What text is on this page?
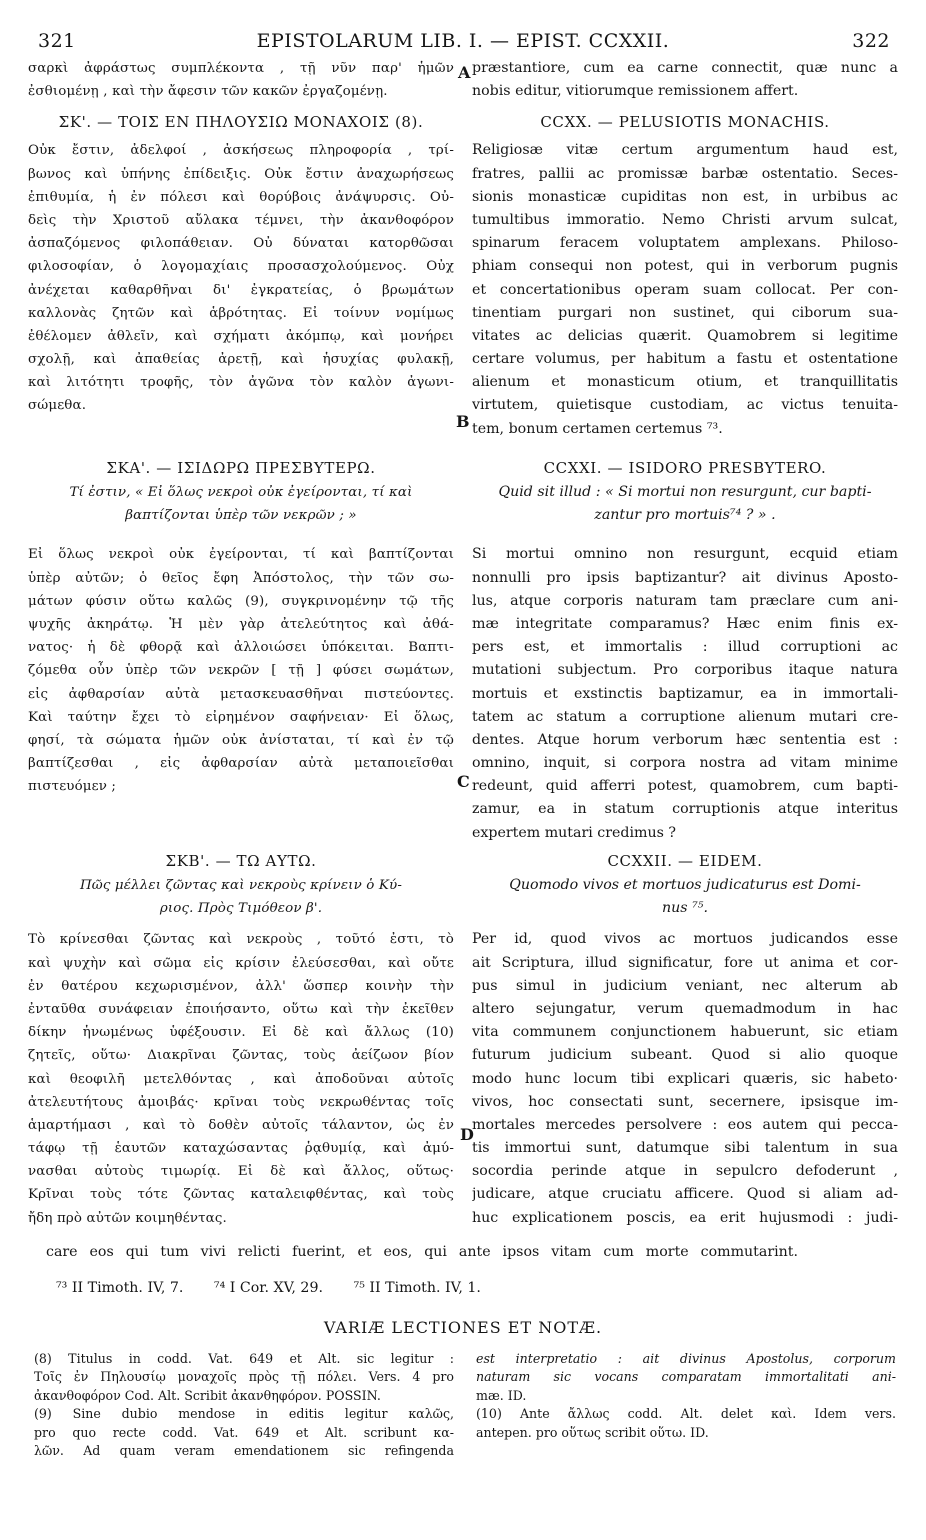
321	EPISTOLARUM LIB. I. — EPIST. CCXXII.	322
σαρκὶ ἀφράστως συμπλέκοντα , τῇ νῦν παρ' ἡμῶν
ἐσθιομένῃ , καὶ τὴν ἄφεσιν τῶν κακῶν ἐργαζομένῃ.
ΣΚ'. — ΤΟΙΣ ΕΝ ΠΗΛΟΥΣΙΩ ΜΟΝΑΧΟΙΣ (8).
Οὐκ ἔστιν, ἀδελφοί , ἀσκήσεως πληροφορία , τρί-
βωνος καὶ ὑπήνης ἐπίδειξις. Οὐκ ἔστιν ἀναχωρήσεως
ἐπιθυμία, ἡ ἐν πόλεσι καὶ θορύβοις ἀνάψυρσις. Οὐ-
δεὶς τὴν Χριστοῦ αὔλακα τέμνει, τὴν ἀκανθοφόρον
ἀσπαζόμενος φιλοπάθειαν. Οὐ δύναται κατορθῶσαι
φιλοσοφίαν, ὁ λογομαχίαις προσασχολούμενος. Οὐχ
ἀνέχεται καθαρθῆναι δι' ἐγκρατείας, ὁ βρωμάτων
καλλονὰς ζητῶν καὶ ἁβρότητας. Εἰ τοίνυν νομίμως
ἐθέλομεν ἀθλεῖν, καὶ σχήματι ἀκόμπῳ, καὶ μονήρει
σχολῇ, καὶ ἀπαθείας ἀρετῇ, καὶ ἡσυχίας φυλακῇ,
καὶ λιτότητι τροφῆς, τὸν ἀγῶνα τὸν καλὸν ἀγωνι-
σώμεθα.
ΣΚΑ'. — ΙΣΙΔΩΡΩ ΠΡΕΣΒΥΤΕΡΩ.
Τί ἐστιν, « Εἰ ὅλως νεκροὶ οὐκ ἐγείρονται, τί καὶ
βαπτίζονται ὑπὲρ τῶν νεκρῶν ; »
Εἰ ὅλως νεκροὶ οὐκ ἐγείρονται, τί καὶ βαπτίζονται
ὑπὲρ αὐτῶν; ὁ θεῖος ἔφη Ἀπόστολος, τὴν τῶν σω-
μάτων φύσιν οὕτω καλῶς (9), συγκρινομένην τῷ τῆς
ψυχῆς ἀκηράτῳ. Ἡ μὲν γὰρ ἀτελεύτητος καὶ ἀθά-
νατος· ἡ δὲ φθορᾷ καὶ ἀλλοιώσει ὑπόκειται. Βαπτι-
ζόμεθα οὖν ὑπὲρ τῶν νεκρῶν [ τῇ ] φύσει σωμάτων,
εἰς ἀφθαρσίαν αὐτὰ μετασκευασθῆναι πιστεύοντες.
Καὶ ταύτην ἔχει τὸ εἰρημένον σαφήνειαν· Εἰ ὅλως,
φησί, τὰ σώματα ἡμῶν οὐκ ἀνίσταται, τί καὶ ἐν τῷ
βαπτίζεσθαι , εἰς ἀφθαρσίαν αὐτὰ μεταποιεῖσθαι
πιστευόμεν ;
ΣΚΒ'. — ΤΩ ΑΥΤΩ.
Πῶς μέλλει ζῶντας καὶ νεκροὺς κρίνειν ὁ Κύ-
ριος. Πρὸς Τιμόθεον β'.
Τὸ κρίνεσθαι ζῶντας καὶ νεκροὺς , τοῦτό ἐστι, τὸ
καὶ ψυχὴν καὶ σῶμα εἰς κρίσιν ἐλεύσεσθαι, καὶ οὔτε
ἐν θατέρου κεχωρισμένον, ἀλλ' ὥσπερ κοινὴν τὴν
ἐνταῦθα συνάφειαν ἐποιήσαντο, οὕτω καὶ τὴν ἐκεῖθεν
δίκην ἡνωμένως ὑφέξουσιν. Εἰ δὲ καὶ ἄλλως (10)
ζητεῖς, οὕτω· Διακρῖναι ζῶντας, τοὺς ἀείζωον βίον
καὶ θεοφιλῆ μετελθόντας , καὶ ἀποδοῦναι αὐτοῖς
ἀτελευτήτους ἀμοιβάς· κρῖναι τοὺς νεκρωθέντας τοῖς
ἁμαρτήμασι , καὶ τὸ δοθὲν αὐτοῖς τάλαντον, ὡς ἐν
τάφῳ τῇ ἑαυτῶν καταχώσαντας ῥᾳθυμίᾳ, καὶ ἀμύ-
νασθαι αὐτοὺς τιμωρίᾳ. Εἰ δὲ καὶ ἄλλος, οὕτως·
Κρῖναι τοὺς τότε ζῶντας καταλειφθέντας, καὶ τοὺς
ἤδη πρὸ αὐτῶν κοιμηθέντας.
præstantiore, cum ea carne connectit, quæ nunc a
nobis editur, vitiorumque remissionem affert.
CCXX. — PELUSIOTIS MONACHIS.
Religiosæ vitæ certum argumentum haud est,
fratres, pallii ac promissæ barbæ ostentatio. Seces-
sionis monasticæ cupiditas non est, in urbibus ac
tumultibus immoratio. Nemo Christi arvum sulcat,
spinarum feracem voluptatem amplexans. Philoso-
phiam consequi non potest, qui in verborum pugnis
et concertationibus operam suam collocat. Per con-
tinentiam purgari non sustinet, qui ciborum sua-
vitates ac delicias quærit. Quamobrem si legitime
certare volumus, per habitum a fastu et ostentatione
alienum et monasticum otium, et tranquillitatis
virtutem, quietisque custodiam, ac victus tenuita-
tem, bonum certamen certemus ⁷³.
CCXXI. — ISIDORO PRESBYTERO.
Quid sit illud : « Si mortui non resurgunt, cur bapti-
zantur pro mortuis⁷⁴ ? » .
Si mortui omnino non resurgunt, ecquid etiam
nonnulli pro ipsis baptizantur? ait divinus Aposto-
lus, atque corporis naturam tam præclare cum ani-
mæ integritate comparamus? Hæc enim finis ex-
pers est, et immortalis : illud corruptioni ac
mutationi subjectum. Pro corporibus itaque natura
mortuis et exstinctis baptizamur, ea in immortali-
tatem ac statum a corruptione alienum mutari cre-
dentes. Atque horum verborum hæc sententia est :
omnino, inquit, si corpora nostra ad vitam minime
redeunt, quid afferri potest, quamobrem, cum bapti-
zamur, ea in statum corruptionis atque interitus
expertem mutari credimus ?
CCXXII. — EIDEM.
Quomodo vivos et mortuos judicaturus est Domi-
nus ⁷⁵.
Per id, quod vivos ac mortuos judicandos esse
ait Scriptura, illud significatur, fore ut anima et cor-
pus simul in judicium veniant, nec alterum ab
altero sejungatur, verum quemadmodum in hac
vita communem conjunctionem habuerunt, sic etiam
futurum judicium subeant. Quod si alio quoque
modo hunc locum tibi explicari quæris, sic habeto·
vivos, hoc consectati sunt, secernere, ipsisque im-
mortales mercedes persolvere : eos autem qui pecca-
tis immortui sunt, datumque sibi talentum in sua
socordia perinde atque in sepulcro defoderunt ,
judicare, atque cruciatu afficere. Quod si aliam ad-
huc explicationem poscis, ea erit hujusmodi : judi-
A
B
C
D
care eos qui tum vivi relicti fuerint, et eos, qui ante ipsos vitam cum morte commutarint.
⁷³ II Timoth. IV, 7. ⁷⁴ I Cor. XV, 29. ⁷⁵ II Timoth. IV, 1.
VARIÆ LECTIONES ET NOTÆ.
(8) Titulus in codd. Vat. 649 et Alt. sic legitur :
Τοῖς ἐν Πηλουσίῳ μοναχοῖς πρὸς τῇ πόλει. Vers. 4 pro
ἀκανθοφόρον Cod. Alt. Scribit ἀκανθηφόρον. POSSIN.
(9) Sine dubio mendose in editis legitur καλῶς,
pro quo recte codd. Vat. 649 et Alt. scribunt κα-
λῶν. Ad quam veram emendationem sic refingenda
est interpretatio : ait divinus Apostolus, corporum
naturam sic vocans comparatam immortalitati ani-
mæ. ID.
(10) Ante ἄλλως codd. Alt. delet καὶ. Idem vers.
antepen. pro οὕτως scribit οὕτω. ID.
